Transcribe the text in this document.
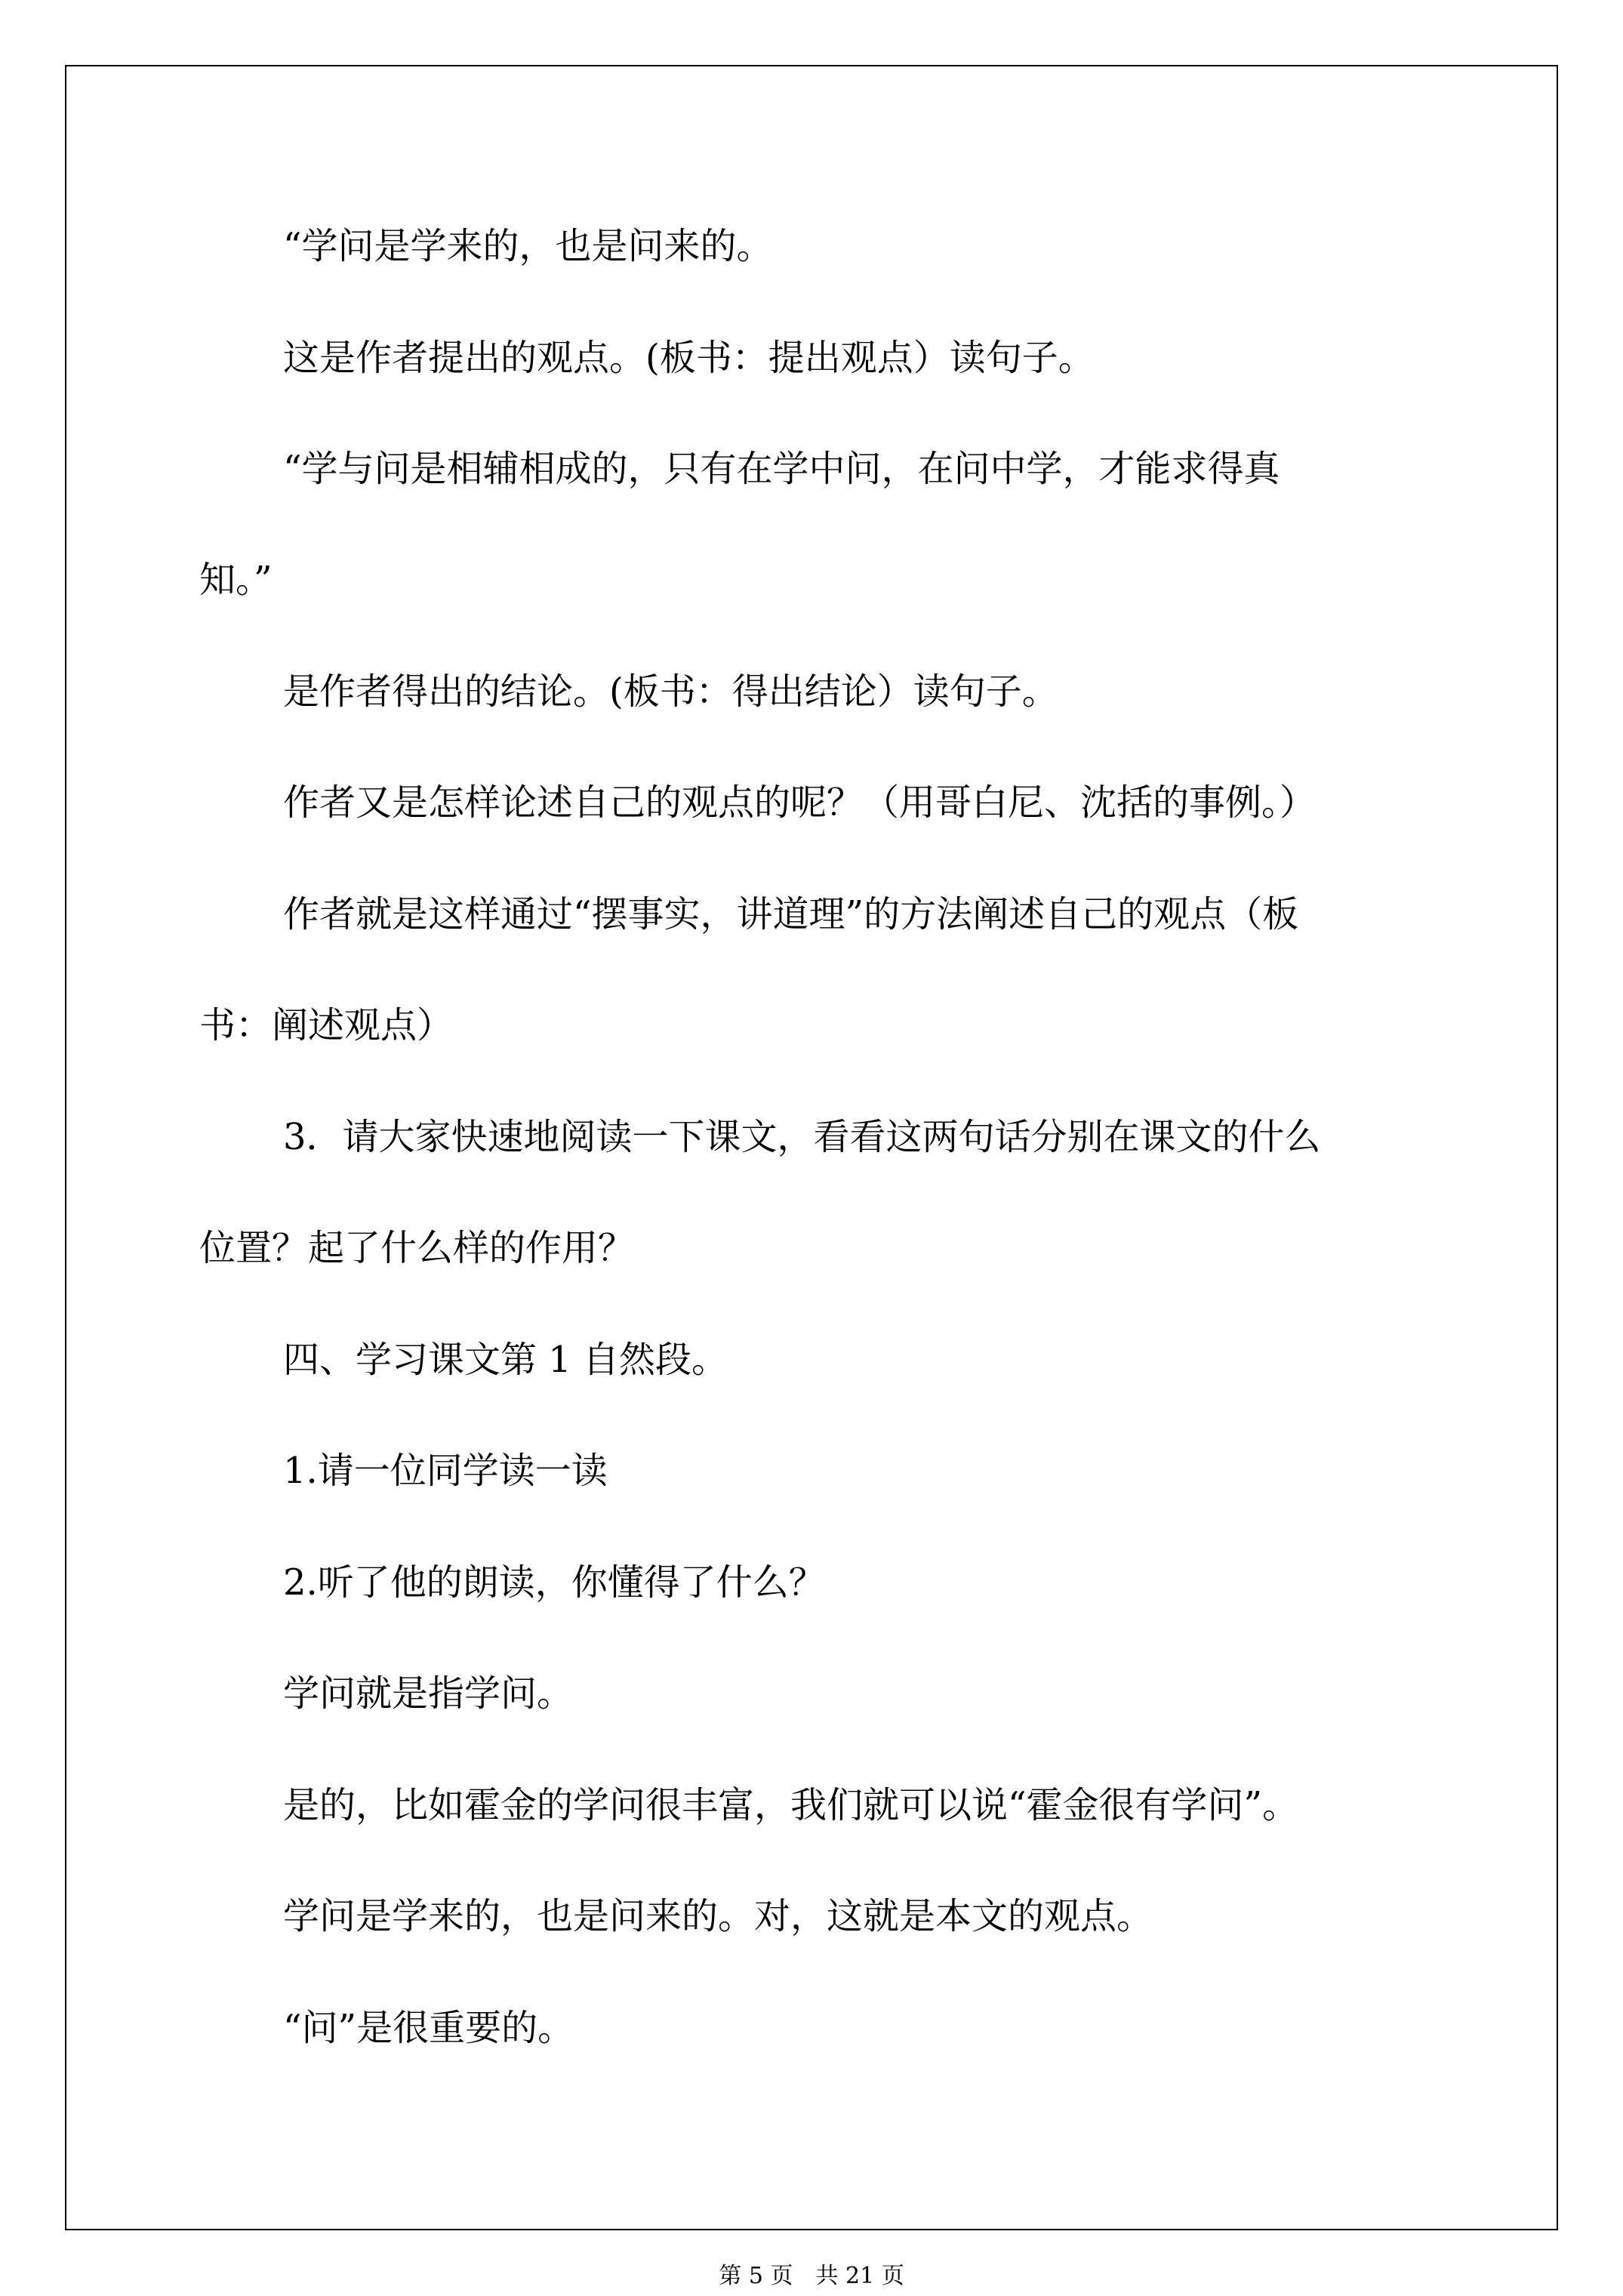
“学问是学来的，也是问来的。

这是作者提出的观点。(板书：提出观点）读句子。

“学与问是相辅相成的，只有在学中问，在问中学，才能求得真

知。”

是作者得出的结论。(板书：得出结论）读句子。

作者又是怎样论述自己的观点的呢？（用哥白尼、沈括的事例。）

作者就是这样通过“摆事实，讲道理”的方法阐述自己的观点（板

书：阐述观点）

3．请大家快速地阅读一下课文，看看这两句话分别在课文的什么

位置？起了什么样的作用？

四、学习课文第 1 自然段。

1.请一位同学读一读

2.听了他的朗读，你懂得了什么？

学问就是指学问。

是的，比如霍金的学问很丰富，我们就可以说“霍金很有学问”。

学问是学来的，也是问来的。对，这就是本文的观点。

“问”是很重要的。

第 5 页　共 21 页
